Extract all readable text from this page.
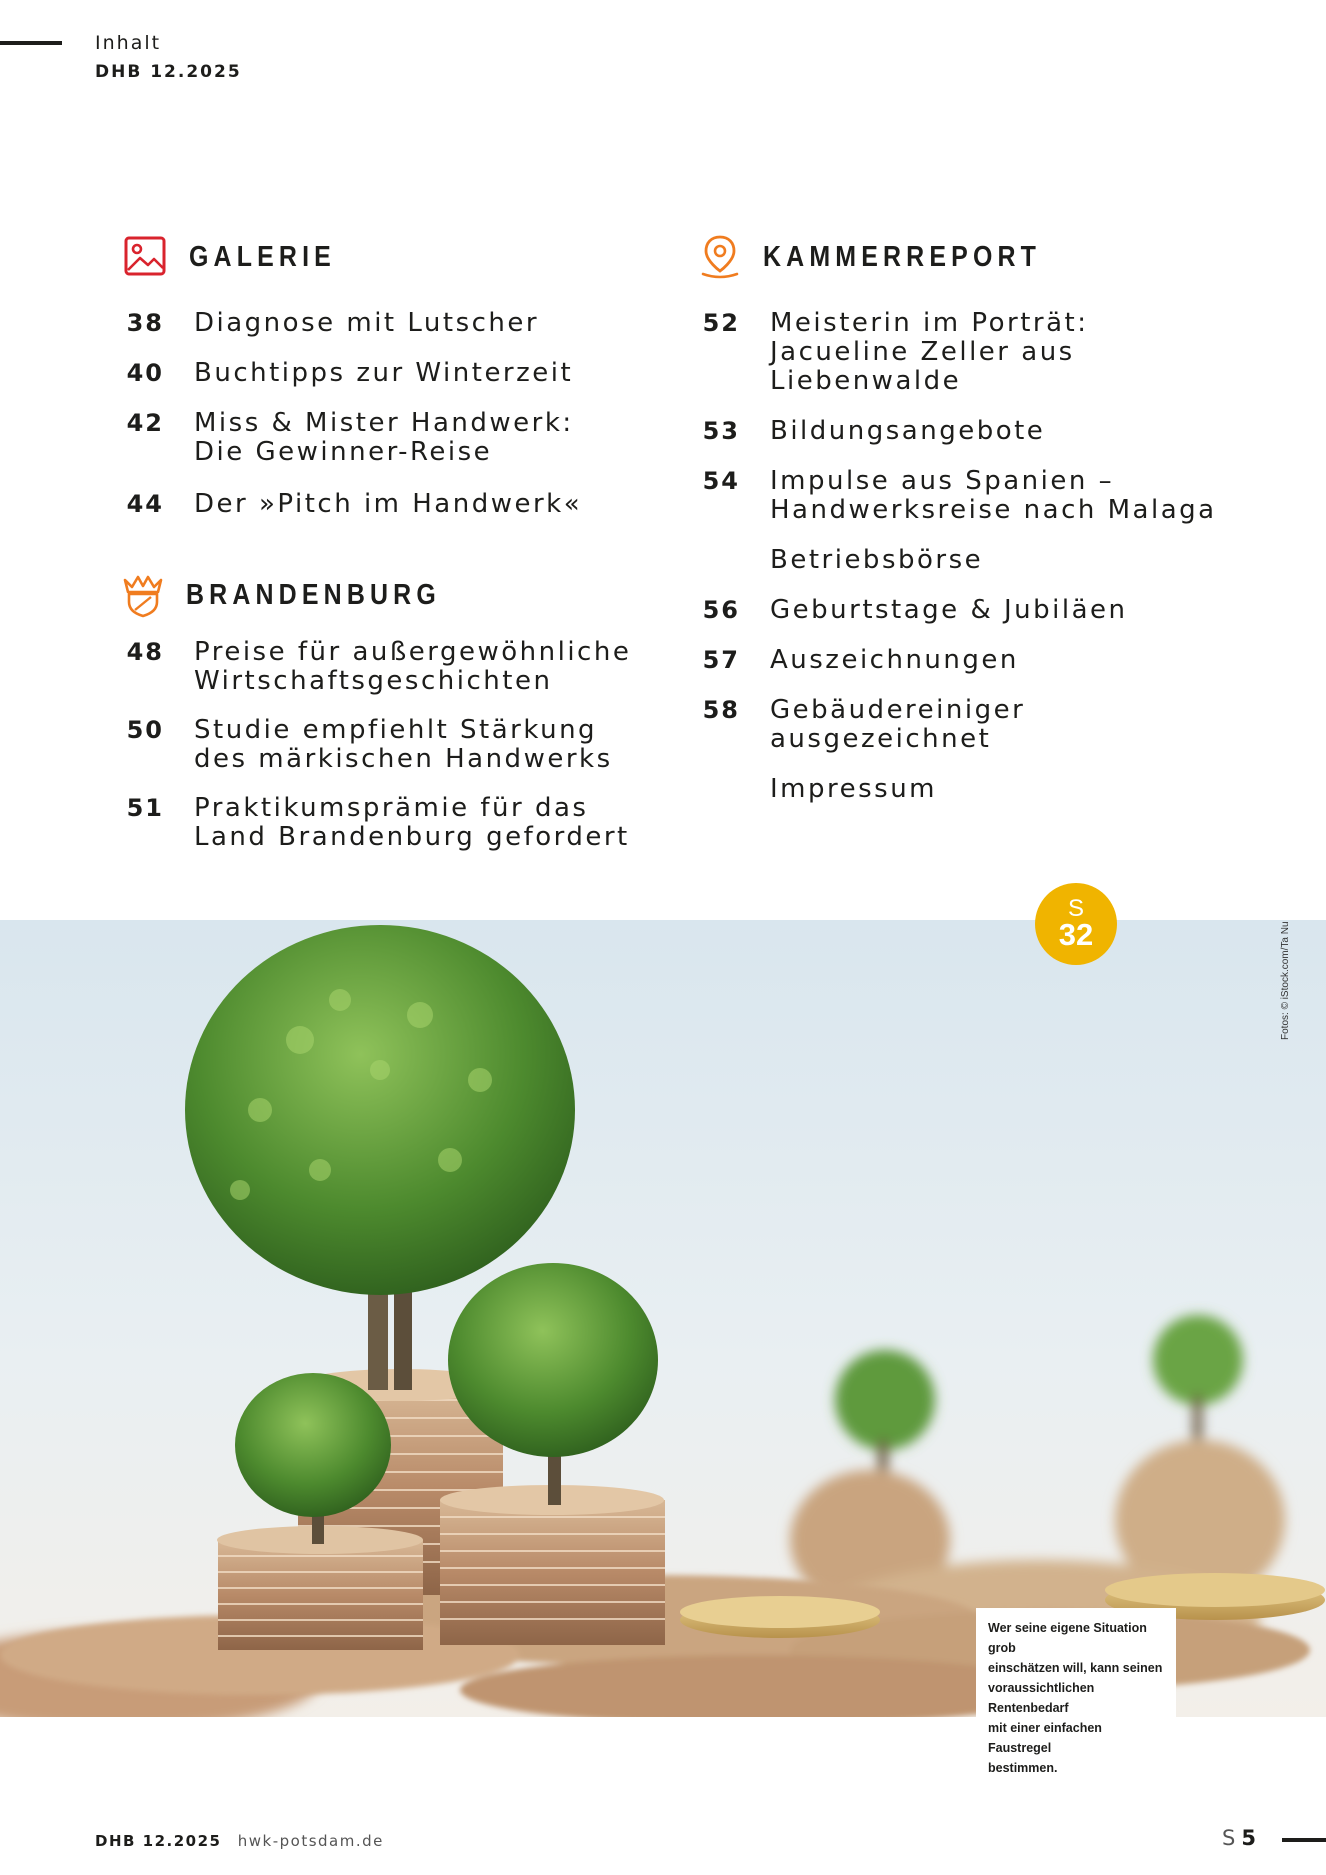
Inhalt
DHB 12.2025
GALERIE
38 Diagnose mit Lutscher
40 Buchtipps zur Winterzeit
42 Miss & Mister Handwerk:
Die Gewinner-Reise
44 Der »Pitch im Handwerk«
BRANDENBURG
48 Preise für außergewöhnliche
Wirtschaftsgeschichten
50 Studie empfiehlt Stärkung
des märkischen Handwerks
51 Praktikumsprämie für das
Land Brandenburg gefordert
KAMMERREPORT
52 Meisterin im Porträt:
Jacueline Zeller aus
Liebenwalde
53 Bildungsangebote
54 Impulse aus Spanien –
Handwerksreise nach Malaga
Betriebsbörse
56 Geburtstage & Jubiläen
57 Auszeichnungen
58 Gebäudereiniger
ausgezeichnet
Impressum
S
32	Fotos: © iStock.com/Ta Nu
Wer seine eigene Situation grob
einschätzen will, kann seinen
voraussichtlichen Rentenbedarf
mit einer einfachen Faustregel
bestimmen.
DHB 12.2025 hwk-potsdam.de	S 5
